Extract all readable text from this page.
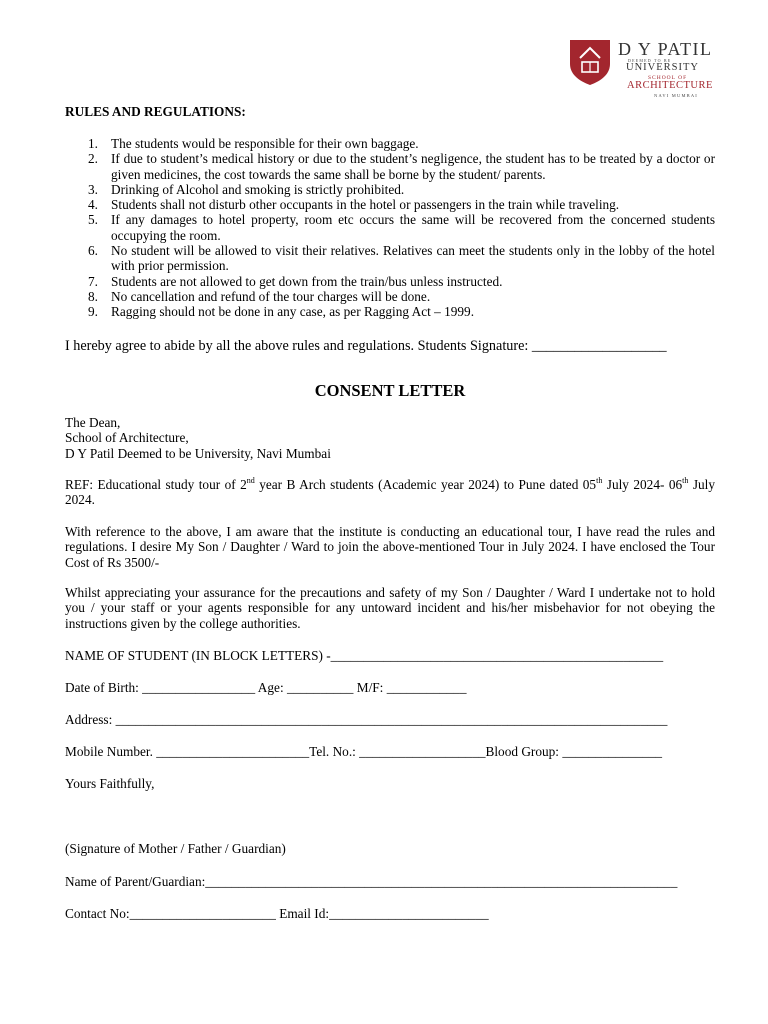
D Y PATIL
DEEMED TO BE
UNIVERSITY
SCHOOL OF
ARCHITECTURE
NAVI MUMBAI
RULES AND REGULATIONS:
1. The students would be responsible for their own baggage.
2. If due to student’s medical history or due to the student’s negligence, the student has to be treated by a doctor or given medicines, the cost towards the same shall be borne by the student/ parents.
3. Drinking of Alcohol and smoking is strictly prohibited.
4. Students shall not disturb other occupants in the hotel or passengers in the train while traveling.
5. If any damages to hotel property, room etc occurs the same will be recovered from the concerned students occupying the room.
6. No student will be allowed to visit their relatives. Relatives can meet the students only in the lobby of the hotel with prior permission.
7. Students are not allowed to get down from the train/bus unless instructed.
8. No cancellation and refund of the tour charges will be done.
9. Ragging should not be done in any case, as per Ragging Act – 1999.
I hereby agree to abide by all the above rules and regulations. Students Signature: ___________________
CONSENT LETTER
The Dean,
School of Architecture,
D Y Patil Deemed to be University, Navi Mumbai
REF: Educational study tour of 2nd year B Arch students (Academic year 2024) to Pune dated 05th July 2024- 06th July 2024.
With reference to the above, I am aware that the institute is conducting an educational tour, I have read the rules and regulations. I desire My Son / Daughter / Ward to join the above-mentioned Tour in July 2024. I have enclosed the Tour Cost of Rs 3500/-
Whilst appreciating your assurance for the precautions and safety of my Son / Daughter / Ward I undertake not to hold you / your staff or your agents responsible for any untoward incident and his/her misbehavior for not obeying the instructions given by the college authorities.
NAME OF STUDENT (IN BLOCK LETTERS) -__________________________________________________
Date of Birth: _________________ Age: __________ M/F: ____________
Address: ___________________________________________________________________________________
Mobile Number. _______________________Tel. No.: ___________________Blood Group: _______________
Yours Faithfully,
(Signature of Mother / Father / Guardian)
Name of Parent/Guardian:_______________________________________________________________________
Contact No:______________________ Email Id:________________________
